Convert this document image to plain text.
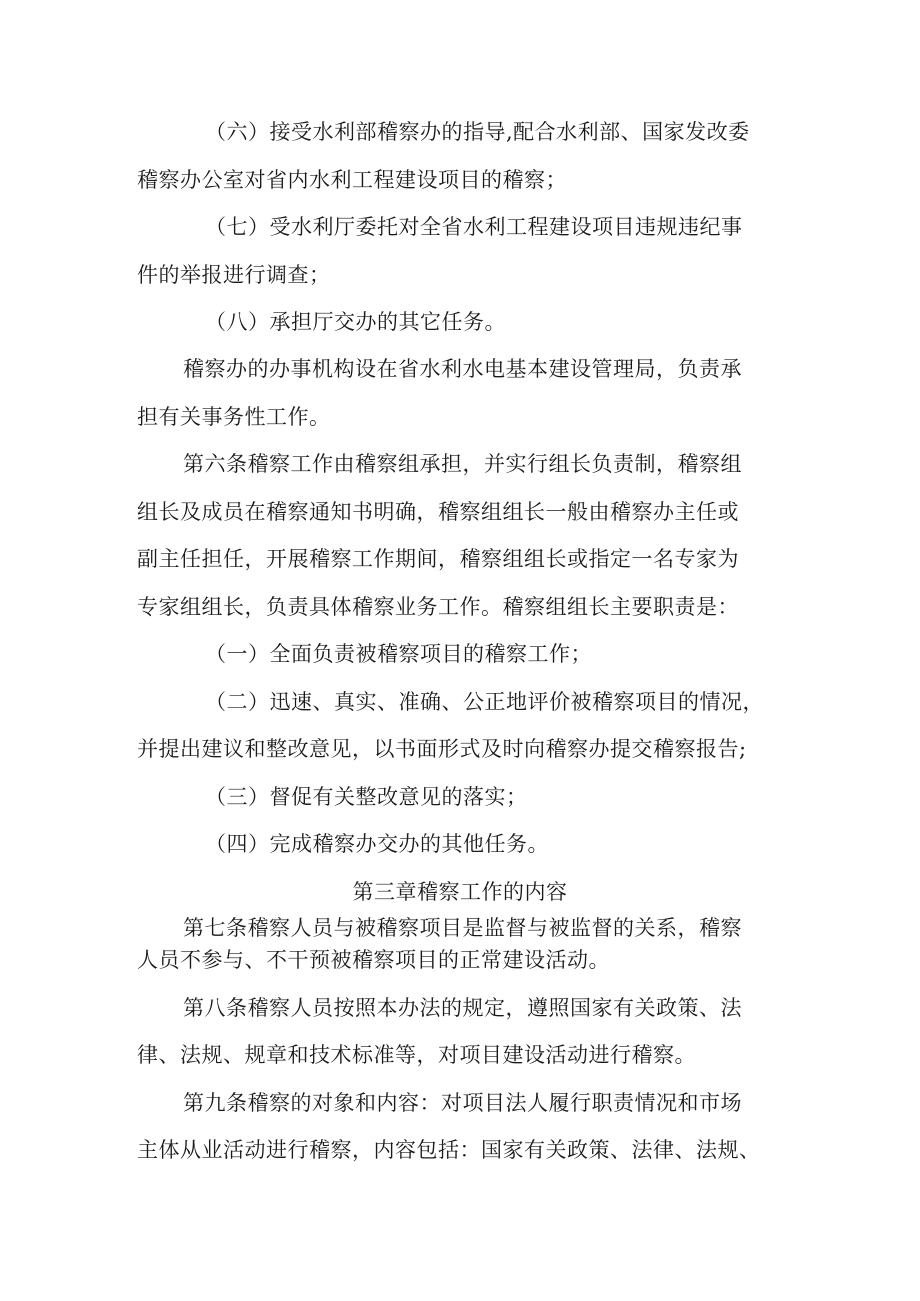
（六）接受水利部稽察办的指导,配合水利部、国家发改委
稽察办公室对省内水利工程建设项目的稽察；
（七）受水利厅委托对全省水利工程建设项目违规违纪事
件的举报进行调查；
（八）承担厅交办的其它任务。
稽察办的办事机构设在省水利水电基本建设管理局，负责承
担有关事务性工作。
第六条稽察工作由稽察组承担，并实行组长负责制，稽察组
组长及成员在稽察通知书明确，稽察组组长一般由稽察办主任或
副主任担任，开展稽察工作期间，稽察组组长或指定一名专家为
专家组组长，负责具体稽察业务工作。稽察组组长主要职责是：
（一）全面负责被稽察项目的稽察工作；
（二）迅速、真实、准确、公正地评价被稽察项目的情况，
并提出建议和整改意见，以书面形式及时向稽察办提交稽察报告;
（三）督促有关整改意见的落实；
（四）完成稽察办交办的其他任务。
第三章稽察工作的内容
第七条稽察人员与被稽察项目是监督与被监督的关系，稽察
人员不参与、不干预被稽察项目的正常建设活动。
第八条稽察人员按照本办法的规定，遵照国家有关政策、法
律、法规、规章和技术标准等，对项目建设活动进行稽察。
第九条稽察的对象和内容：对项目法人履行职责情况和市场
主体从业活动进行稽察，内容包括：国家有关政策、法律、法规、
